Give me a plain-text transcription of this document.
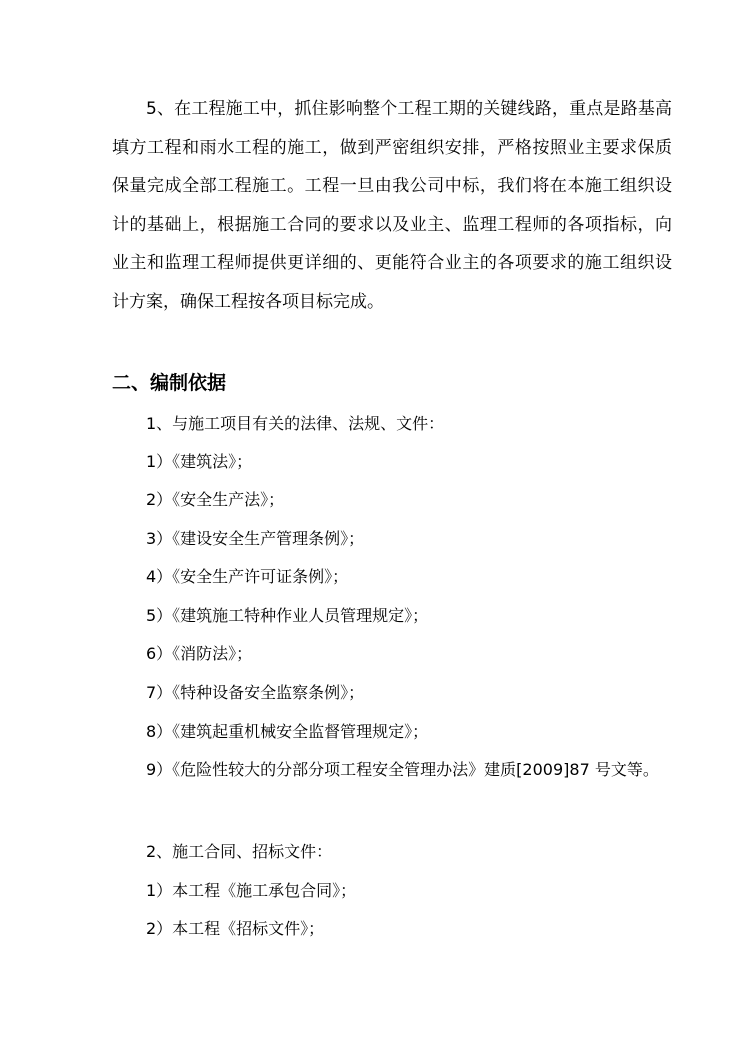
5、在工程施工中，抓住影响整个工程工期的关键线路，重点是路基高填方工程和雨水工程的施工，做到严密组织安排，严格按照业主要求保质保量完成全部工程施工。工程一旦由我公司中标，我们将在本施工组织设计的基础上，根据施工合同的要求以及业主、监理工程师的各项指标，向业主和监理工程师提供更详细的、更能符合业主的各项要求的施工组织设计方案，确保工程按各项目标完成。

二、编制依据

1、与施工项目有关的法律、法规、文件：

1）《建筑法》；

2）《安全生产法》；

3）《建设安全生产管理条例》；

4）《安全生产许可证条例》；

5）《建筑施工特种作业人员管理规定》；

6）《消防法》；

7）《特种设备安全监察条例》；

8）《建筑起重机械安全监督管理规定》；

9）《危险性较大的分部分项工程安全管理办法》建质[2009]87 号文等。

2、施工合同、招标文件：

1）本工程《施工承包合同》；

2）本工程《招标文件》；
